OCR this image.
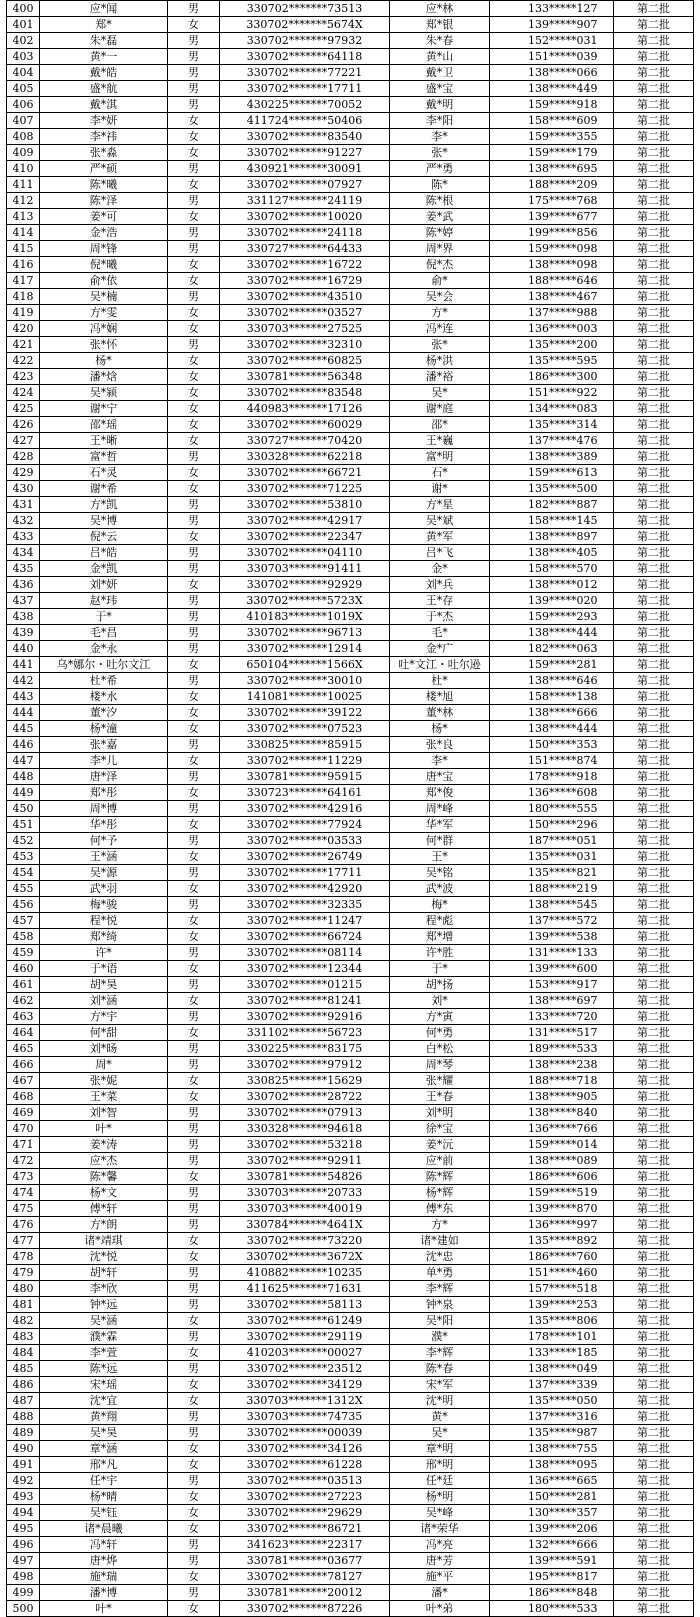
400	应*闻	男	330702*******73513	应*林	133*****127	第二批
401	郑*	女	330702*******5674X	郑*银	139*****907	第二批
402	朱*磊	男	330702*******97932	朱*春	152*****031	第二批
403	黄*一	男	330702*******64118	黄*山	151*****039	第二批
404	戴*皓	男	330702*******77221	戴*卫	138*****066	第二批
405	盛*航	男	330702*******17711	盛*宝	138*****449	第二批
406	戴*淇	男	430225*******70052	戴*明	159*****918	第二批
407	李*妍	女	411724*******50406	李*阳	158*****609	第二批
408	李*祎	女	330702*******83540	李*	159*****355	第二批
409	张*淼	女	330702*******91227	张*	159*****179	第二批
410	严*硕	男	430921*******30091	严*勇	138*****695	第二批
411	陈*曦	女	330702*******07927	陈*	188*****209	第二批
412	陈*泽	男	331127*******24119	陈*根	175*****768	第二批
413	姜*可	女	330702*******10020	姜*武	139*****677	第二批
414	金*浩	男	330702*******24118	陈*婷	199*****856	第二批
415	周*锋	男	330727*******64433	周*界	159*****098	第二批
416	倪*曦	女	330702*******16722	倪*杰	138*****098	第二批
417	俞*依	女	330702*******16729	俞*	188*****646	第二批
418	吴*楠	男	330702*******43510	吴*会	138*****467	第二批
419	方*雯	女	330702*******03527	方*	137*****988	第二批
420	冯*娴	女	330703*******27525	冯*连	136*****003	第二批
421	张*怀	男	330702*******32310	张*	135*****200	第二批
422	杨*	女	330702*******60825	杨*洪	135*****595	第二批
423	潘*焓	女	330781*******56348	潘*裕	186*****300	第二批
424	吴*颍	女	330702*******83548	吴*	151*****922	第二批
425	谢*宁	女	440983*******17126	谢*庭	134*****083	第二批
426	邵*瑶	女	330702*******60029	邵*	135*****314	第二批
427	王*晰	女	330727*******70420	王*巍	137*****476	第二批
428	富*哲	男	330328*******62218	富*明	138*****389	第二批
429	石*灵	女	330702*******66721	石*	159*****613	第二批
430	谢*希	女	330702*******71225	谢*	135*****500	第二批
431	方*凯	男	330702*******53810	方*星	182*****887	第二批
432	吴*博	男	330702*******42917	吴*斌	158*****145	第二批
433	倪*云	女	330702*******22347	黄*军	138*****897	第二批
434	吕*皓	男	330702*******04110	吕*飞	138*****405	第二批
435	金*凯	男	330703*******91411	金*	158*****570	第二批
436	刘*妍	女	330702*******92929	刘*兵	138*****012	第二批
437	赵*玮	男	330702*******5723X	王*存	139*****020	第二批
438	于*	男	410183*******1019X	于*杰	159*****293	第二批
439	毛*昌	男	330702*******96713	毛*	138*****444	第二批
440	金*永	男	330702*******12914	金*广	182*****063	第二批
441	乌*娜尔・吐尔文江	女	650104*******1566X	吐*文江・吐尔逊	159*****281	第二批
442	杜*希	男	330702*******30010	杜*	138*****646	第二批
443	楼*水	女	141081*******10025	楼*旭	158*****138	第二批
444	董*汐	女	330702*******39122	董*林	138*****666	第二批
445	杨*潼	女	330702*******07523	杨*	138*****444	第二批
446	张*嘉	男	330825*******85915	张*良	150*****353	第二批
447	李*儿	女	330702*******11229	李*	151*****874	第二批
448	唐*泽	男	330781*******95915	唐*宝	178*****918	第二批
449	郑*彤	女	330723*******64161	郑*俊	136*****608	第二批
450	周*博	男	330702*******42916	周*峰	180*****555	第二批
451	华*彤	女	330702*******77924	华*军	150*****296	第二批
452	何*予	男	330702*******03533	何*群	187*****051	第二批
453	王*涵	女	330702*******26749	王*	135*****031	第二批
454	吴*源	男	330702*******17711	吴*铭	135*****821	第二批
455	武*羽	女	330702*******42920	武*波	188*****219	第二批
456	梅*骏	男	330702*******32335	梅*	138*****545	第二批
457	程*悦	女	330702*******11247	程*彪	137*****572	第二批
458	郑*绮	女	330702*******66724	郑*增	139*****538	第二批
459	许*	男	330702*******08114	许*胜	131*****133	第二批
460	于*语	女	330702*******12344	于*	139*****600	第二批
461	胡*昊	男	330702*******01215	胡*扬	153*****917	第二批
462	刘*涵	女	330702*******81241	刘*	138*****697	第二批
463	方*宇	男	330702*******92916	方*寅	133*****720	第二批
464	何*甜	女	331102*******56723	何*勇	131*****517	第二批
465	刘*旸	男	330225*******83175	白*松	189*****533	第二批
466	周*	男	330702*******97912	周*琴	138*****238	第二批
467	张*妮	女	330825*******15629	张*耀	188*****718	第二批
468	王*菜	女	330702*******28722	王*春	138*****905	第二批
469	刘*智	男	330702*******07913	刘*明	138*****840	第二批
470	叶*	男	330328*******94618	徐*宝	136*****766	第二批
471	姜*涛	男	330702*******53218	姜*沅	159*****014	第二批
472	应*杰	男	330702*******92911	应*前	138*****089	第二批
473	陈*馨	女	330781*******54826	陈*辉	186*****606	第二批
474	杨*文	男	330703*******20733	杨*辉	159*****519	第二批
475	傅*轩	男	330703*******40019	傅*东	139*****870	第二批
476	方*朗	男	330784*******4641X	方*	136*****997	第二批
477	诸*靖琪	女	330702*******73220	诸*建如	135*****892	第二批
478	沈*悦	女	330702*******3672X	沈*忠	186*****760	第二批
479	胡*轩	男	410882*******10235	单*勇	151*****460	第二批
480	李*欣	男	411625*******71631	李*辉	157*****518	第二批
481	钟*远	男	330702*******58113	钟*泉	139*****253	第二批
482	吴*涵	女	330702*******61249	吴*阳	135*****806	第二批
483	濮*霖	男	330702*******29119	濮*	178*****101	第二批
484	李*萱	女	410203*******00027	李*辉	133*****185	第二批
485	陈*远	男	330702*******23512	陈*春	138*****049	第二批
486	宋*瑶	女	330702*******34129	宋*军	137*****339	第二批
487	沈*宜	女	330703*******1312X	沈*明	135*****050	第二批
488	黄*翔	男	330703*******74735	黄*	137*****316	第二批
489	吴*昊	男	330702*******00039	吴*	135*****987	第二批
490	章*涵	女	330702*******34126	章*明	138*****755	第二批
491	邢*凡	女	330702*******61228	邢*明	138*****095	第二批
492	任*宇	男	330702*******03513	任*廷	136*****665	第二批
493	杨*晴	女	330702*******27223	杨*明	150*****281	第二批
494	吴*钰	女	330702*******29629	吴*峰	130*****357	第二批
495	诸*晨曦	女	330702*******86721	诸*荣华	139*****206	第二批
496	冯*轩	男	341623*******22317	冯*亮	132*****666	第二批
497	唐*烨	男	330781*******03677	唐*芳	139*****591	第二批
498	施*瑞	女	330702*******78127	施*平	195*****817	第二批
499	潘*博	男	330781*******20012	潘*	186*****848	第二批
500	叶*	女	330702*******87226	叶*弟	180*****533	第二批
